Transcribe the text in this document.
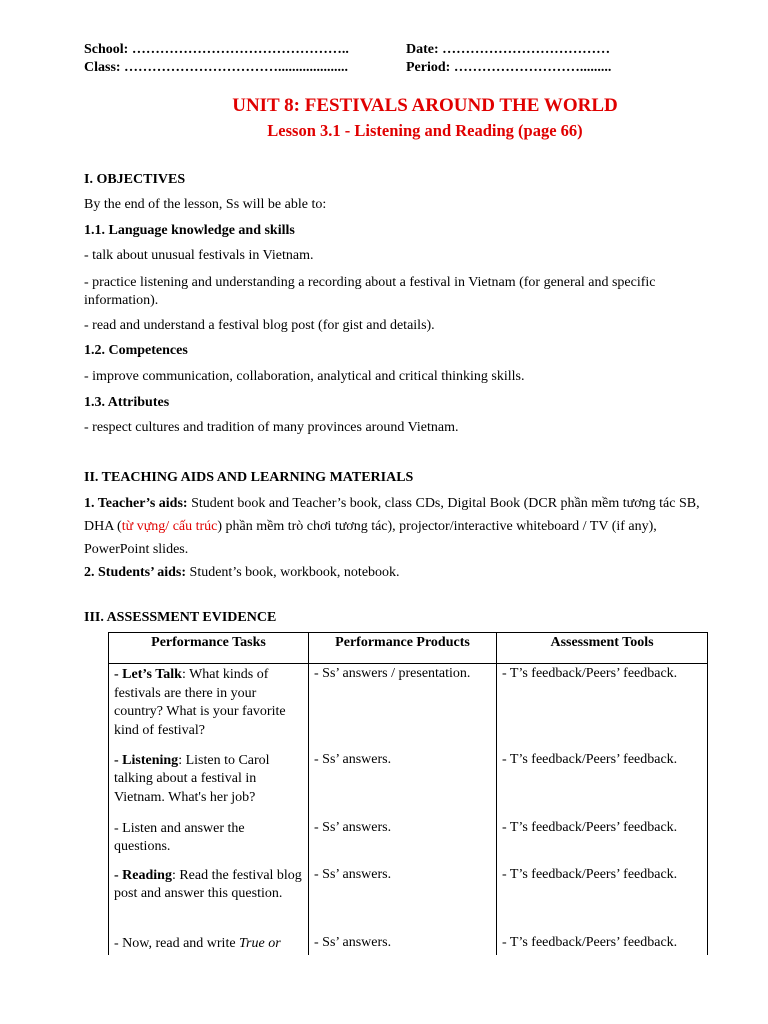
School: ………………………………………..	Date: ………………………………
Class: ……………………………....................	Period: ……………………….........
UNIT 8: FESTIVALS AROUND THE WORLD
Lesson 3.1 - Listening and Reading (page 66)
I. OBJECTIVES
By the end of the lesson, Ss will be able to:
1.1. Language knowledge and skills
- talk about unusual festivals in Vietnam.
- practice listening and understanding a recording about a festival in Vietnam (for general and specific information).
- read and understand a festival blog post (for gist and details).
1.2. Competences
- improve communication, collaboration, analytical and critical thinking skills.
1.3. Attributes
- respect cultures and tradition of many provinces around Vietnam.
II. TEACHING AIDS AND LEARNING MATERIALS
1. Teacher’s aids: Student book and Teacher’s book, class CDs, Digital Book (DCR phần mềm tương tác SB, DHA (từ vựng/ cấu trúc) phần mềm trò chơi tương tác), projector/interactive whiteboard / TV (if any), PowerPoint slides.
2. Students’ aids: Student’s book, workbook, notebook.
III. ASSESSMENT EVIDENCE
Performance Tasks	Performance Products	Assessment Tools

- Let’s Talk: What kinds of festivals are there in your country? What is your favorite kind of festival?	- Ss’ answers / presentation.	- T’s feedback/Peers’ feedback.

- Listening: Listen to Carol talking about a festival in Vietnam. What's her job?	- Ss’ answers.	- T’s feedback/Peers’ feedback.

- Listen and answer the questions.	- Ss’ answers.	- T’s feedback/Peers’ feedback.

- Reading: Read the festival blog post and answer this question.	- Ss’ answers.	- T’s feedback/Peers’ feedback.

- Now, read and write True or	- Ss’ answers.	- T’s feedback/Peers’ feedback.
